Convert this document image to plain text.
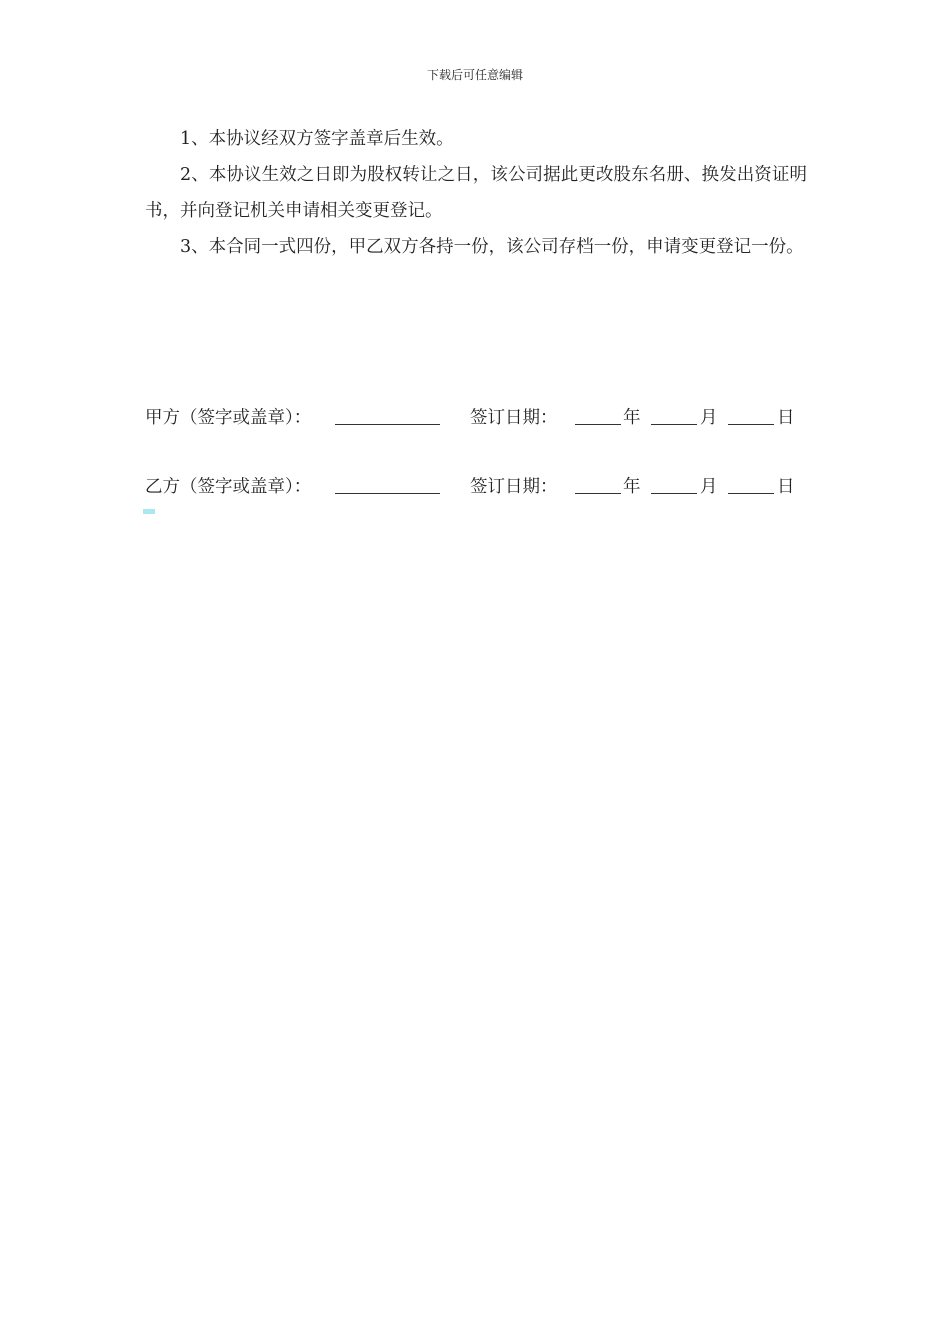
下载后可任意编辑

1、本协议经双方签字盖章后生效。

2、本协议生效之日即为股权转让之日，该公司据此更改股东名册、换发出资证明书，并向登记机关申请相关变更登记。

3、本合同一式四份，甲乙双方各持一份，该公司存档一份，申请变更登记一份。

甲方（签字或盖章）：	签订日期：	年	月	日
乙方（签字或盖章）：	签订日期：	年	月	日
